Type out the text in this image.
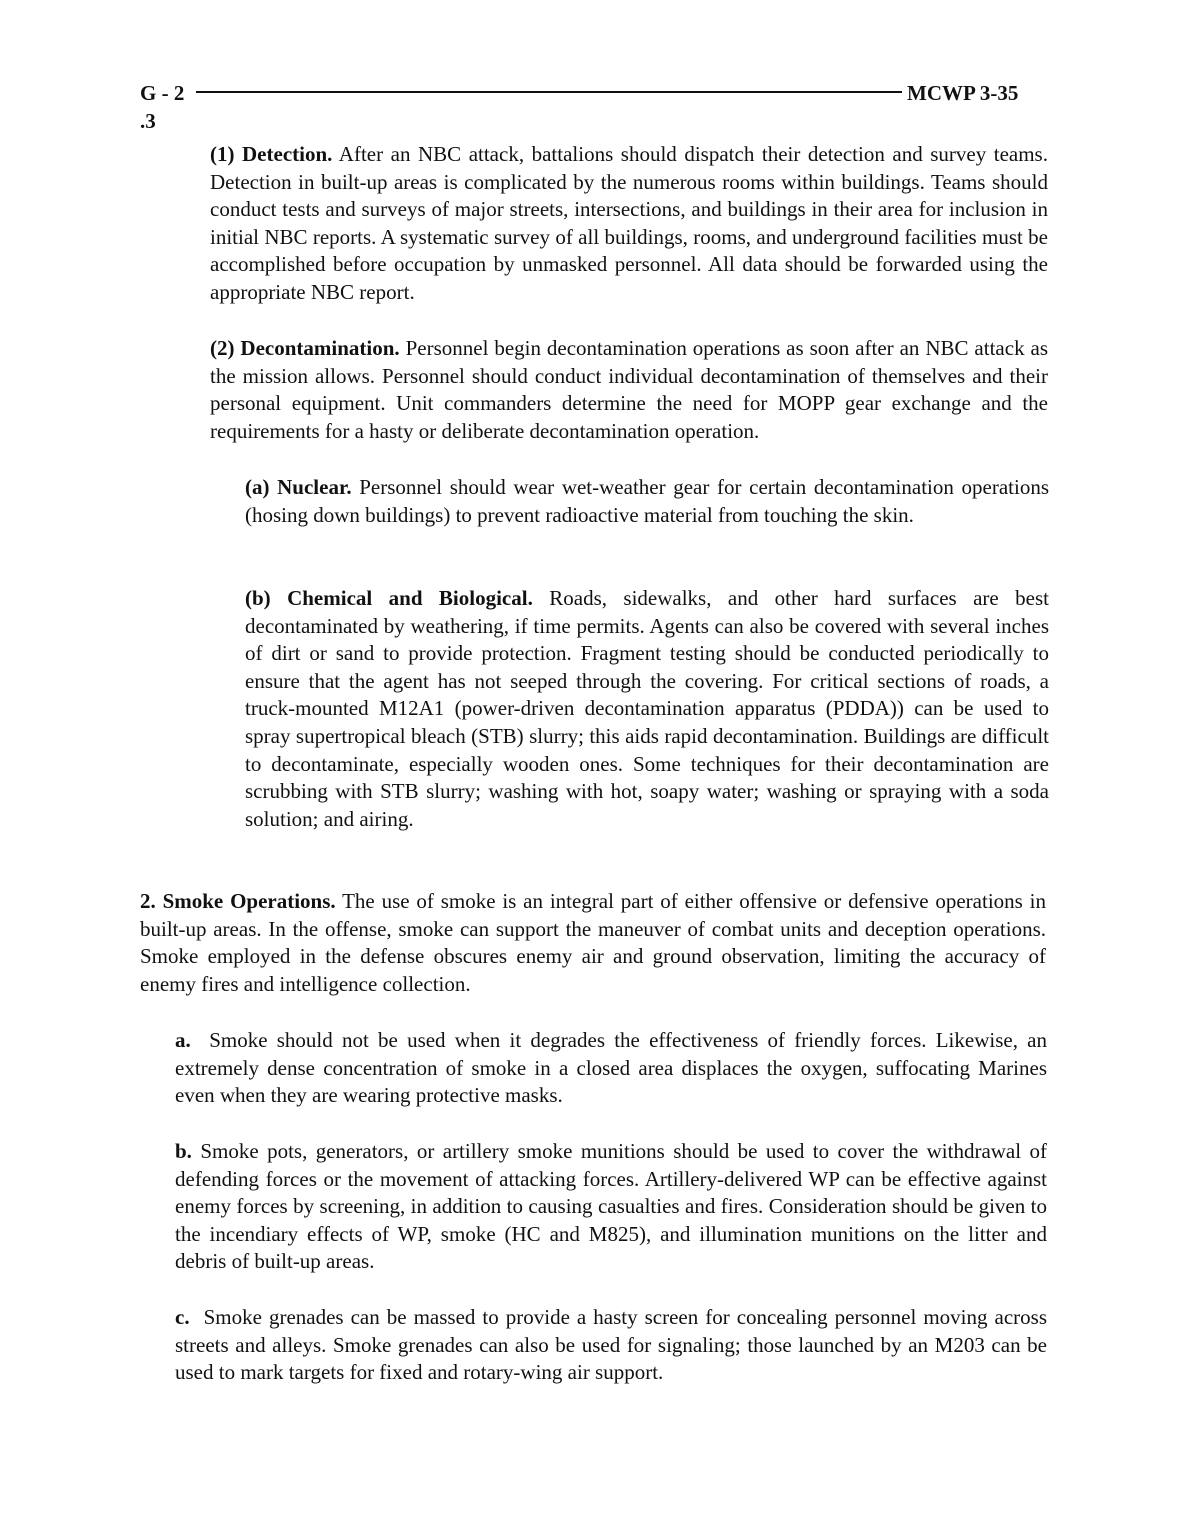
G - 2
.3
MCWP 3-35

(1) Detection. After an NBC attack, battalions should dispatch their detection and survey teams. Detection in built-up areas is complicated by the numerous rooms within buildings. Teams should conduct tests and surveys of major streets, intersections, and buildings in their area for inclusion in initial NBC reports. A systematic survey of all buildings, rooms, and underground facilities must be accomplished before occupation by unmasked personnel. All data should be forwarded using the appropriate NBC report.

(2) Decontamination. Personnel begin decontamination operations as soon after an NBC attack as the mission allows. Personnel should conduct individual decontamination of themselves and their personal equipment. Unit commanders determine the need for MOPP gear exchange and the requirements for a hasty or deliberate decontamination operation.

(a) Nuclear. Personnel should wear wet-weather gear for certain decontamination operations (hosing down buildings) to prevent radioactive material from touching the skin.

(b) Chemical and Biological. Roads, sidewalks, and other hard surfaces are best decontaminated by weathering, if time permits. Agents can also be covered with several inches of dirt or sand to provide protection. Fragment testing should be conducted periodically to ensure that the agent has not seeped through the covering. For critical sections of roads, a truck-mounted M12A1 (power-driven decontamination apparatus (PDDA)) can be used to spray supertropical bleach (STB) slurry; this aids rapid decontamination. Buildings are difficult to decontaminate, especially wooden ones. Some techniques for their decontamination are scrubbing with STB slurry; washing with hot, soapy water; washing or spraying with a soda solution; and airing.

2. Smoke Operations. The use of smoke is an integral part of either offensive or defensive operations in built-up areas. In the offense, smoke can support the maneuver of combat units and deception operations. Smoke employed in the defense obscures enemy air and ground observation, limiting the accuracy of enemy fires and intelligence collection.

a.  Smoke should not be used when it degrades the effectiveness of friendly forces. Likewise, an extremely dense concentration of smoke in a closed area displaces the oxygen, suffocating Marines even when they are wearing protective masks.

b. Smoke pots, generators, or artillery smoke munitions should be used to cover the withdrawal of defending forces or the movement of attacking forces. Artillery-delivered WP can be effective against enemy forces by screening, in addition to causing casualties and fires. Consideration should be given to the incendiary effects of WP, smoke (HC and M825), and illumination munitions on the litter and debris of built-up areas.

c.  Smoke grenades can be massed to provide a hasty screen for concealing personnel moving across streets and alleys. Smoke grenades can also be used for signaling; those launched by an M203 can be used to mark targets for fixed and rotary-wing air support.
